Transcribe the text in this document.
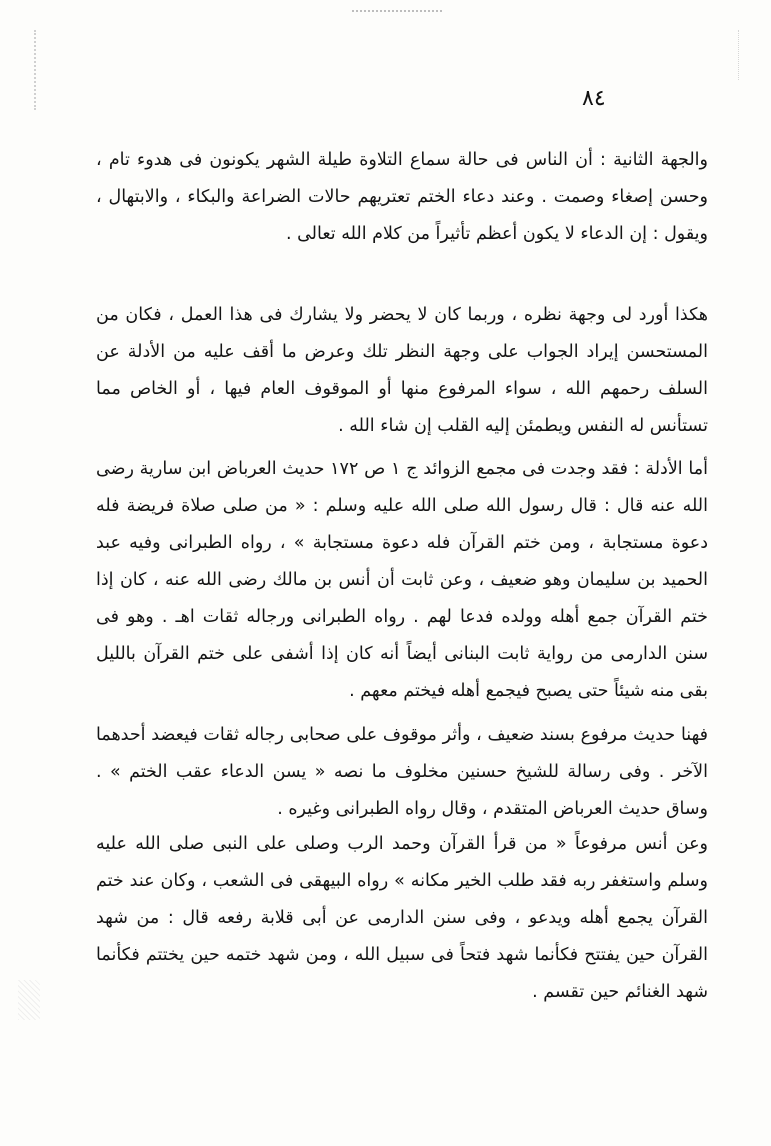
٨٤

والجهة الثانية : أن الناس فى حالة سماع التلاوة طيلة الشهر يكونون فى هدوء تام ، وحسن إصغاء وصمت . وعند دعاء الختم تعتريهم حالات الضراعة والبكاء ، والابتهال ، ويقول : إن الدعاء لا يكون أعظم تأثيراً من كلام الله تعالى .

هكذا أورد لى وجهة نظره ، وربما كان لا يحضر ولا يشارك فى هذا العمل ، فكان من المستحسن إيراد الجواب على وجهة النظر تلك وعرض ما أقف عليه من الأدلة عن السلف رحمهم الله ، سواء المرفوع منها أو الموقوف العام فيها ، أو الخاص مما تستأنس له النفس ويطمئن إليه القلب إن شاء الله .

أما الأدلة : فقد وجدت فى مجمع الزوائد ج ١ ص ١٧٢ حديث العرباض ابن سارية رضى الله عنه قال : قال رسول الله صلى الله عليه وسلم : « من صلى صلاة فريضة فله دعوة مستجابة ، ومن ختم القرآن فله دعوة مستجابة » ، رواه الطبرانى وفيه عبد الحميد بن سليمان وهو ضعيف ، وعن ثابت أن أنس بن مالك رضى الله عنه ، كان إذا ختم القرآن جمع أهله وولده فدعا لهم . رواه الطبرانى ورجاله ثقات اهـ . وهو فى سنن الدارمى من رواية ثابت البنانى أيضاً أنه كان إذا أشفى على ختم القرآن بالليل بقى منه شيئاً حتى يصبح فيجمع أهله فيختم معهم .

فهنا حديث مرفوع بسند ضعيف ، وأثر موقوف على صحابى رجاله ثقات فيعضد أحدهما الآخر . وفى رسالة للشيخ حسنين مخلوف ما نصه « يسن الدعاء عقب الختم » . وساق حديث العرباض المتقدم ، وقال رواه الطبرانى وغيره .

وعن أنس مرفوعاً « من قرأ القرآن وحمد الرب وصلى على النبى صلى الله عليه وسلم واستغفر ربه فقد طلب الخير مكانه » رواه البيهقى فى الشعب ، وكان عند ختم القرآن يجمع أهله ويدعو ، وفى سنن الدارمى عن أبى قلابة رفعه قال : من شهد القرآن حين يفتتح فكأنما شهد فتحاً فى سبيل الله ، ومن شهد ختمه حين يختتم فكأنما شهد الغنائم حين تقسم .
